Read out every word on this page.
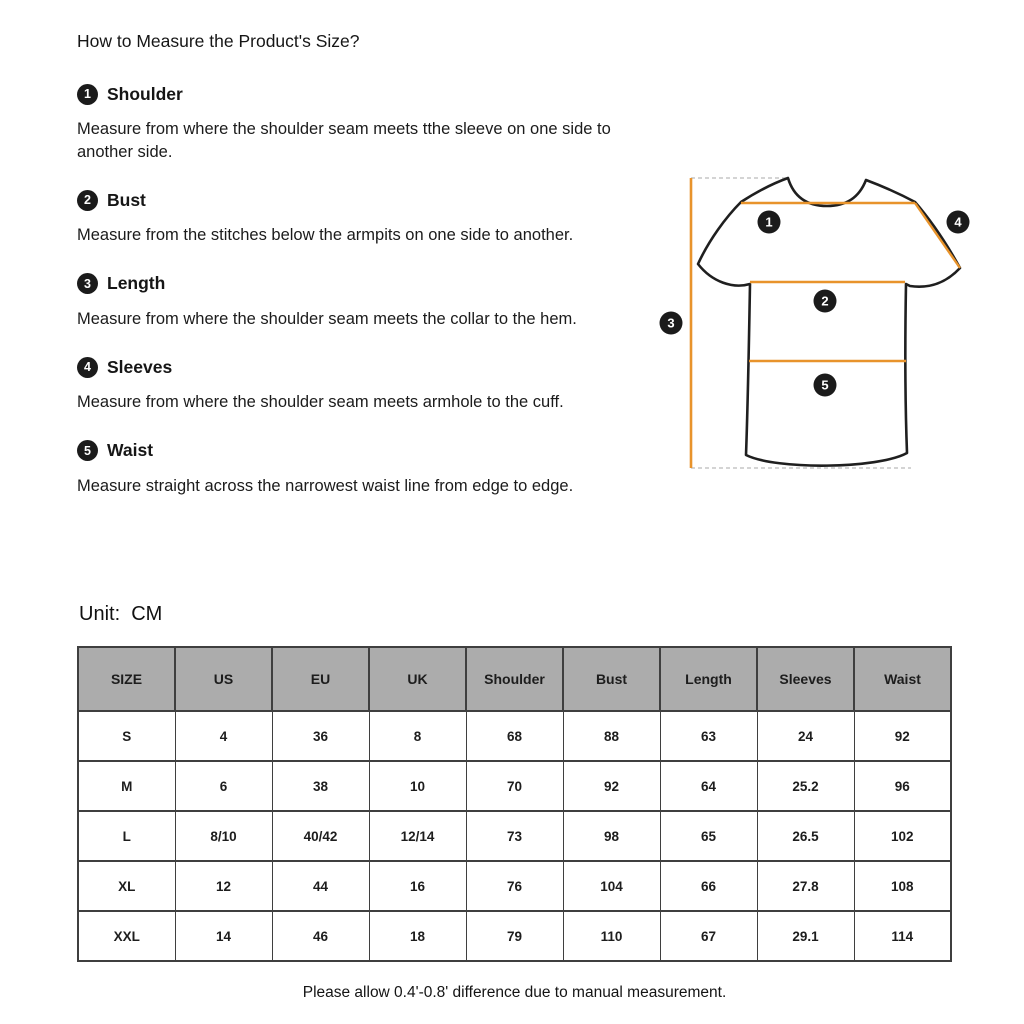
How to Measure the Product's Size?
1 Shoulder
Measure from where the shoulder seam meets tthe sleeve on one side to another side.
2 Bust
Measure from the stitches below the armpits on one side to another.
3 Length
Measure from where the shoulder seam meets the collar to the hem.
4 Sleeves
Measure from where the shoulder seam meets armhole to the cuff.
5 Waist
Measure straight across the narrowest waist line from edge to edge.
1
2
3
4
5
Unit:  CM
SIZE	US	EU	UK	Shoulder	Bust	Length	Sleeves	Waist
S	4	36	8	68	88	63	24	92
M	6	38	10	70	92	64	25.2	96
L	8/10	40/42	12/14	73	98	65	26.5	102
XL	12	44	16	76	104	66	27.8	108
XXL	14	46	18	79	110	67	29.1	114
Please allow 0.4'-0.8' difference due to manual measurement.
